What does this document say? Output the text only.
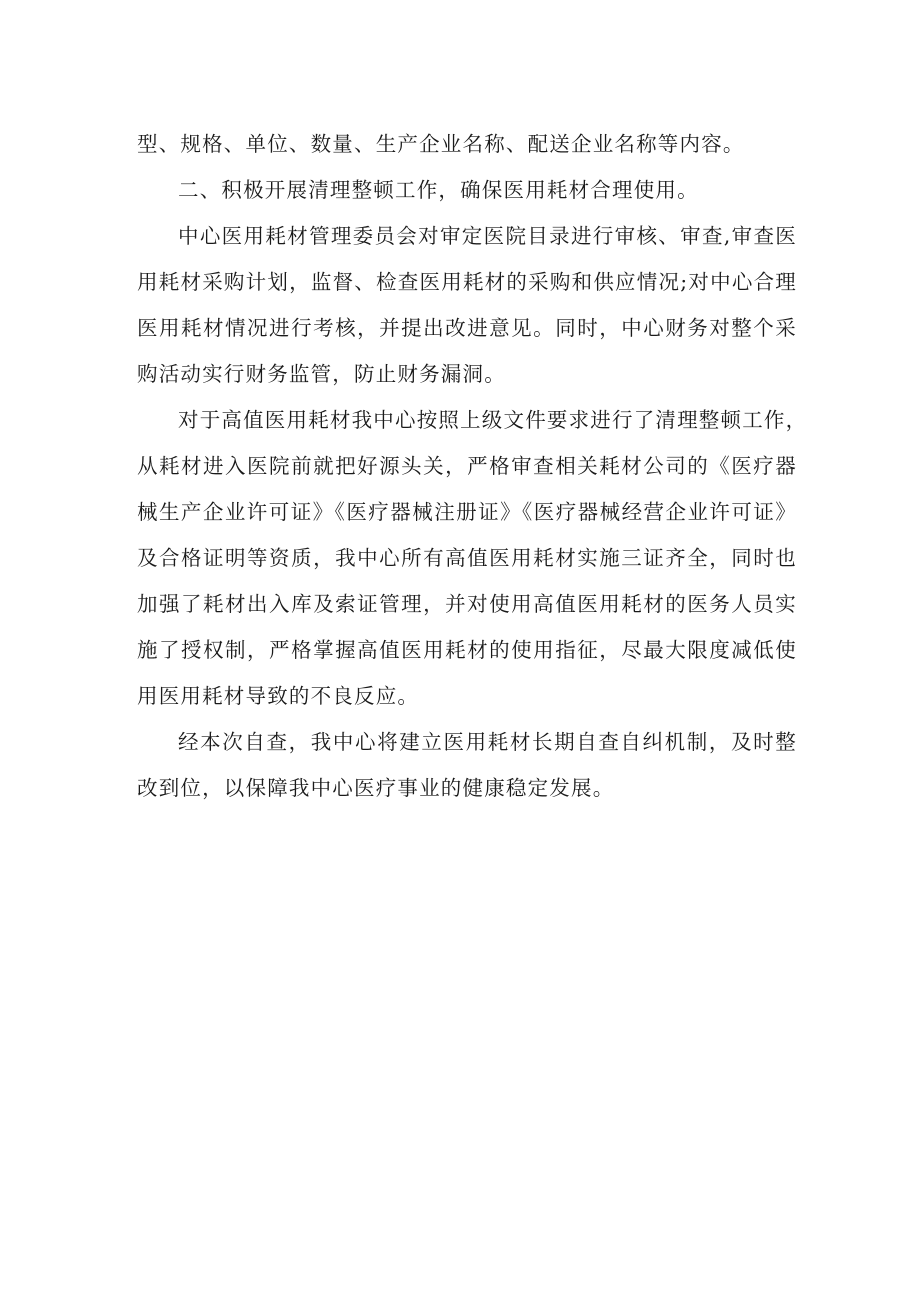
型、规格、单位、数量、生产企业名称、配送企业名称等内容。
二、积极开展清理整顿工作，确保医用耗材合理使用。
中心医用耗材管理委员会对审定医院目录进行审核、审查,审查医
用耗材采购计划，监督、检查医用耗材的采购和供应情况;对中心合理
医用耗材情况进行考核，并提出改进意见。同时，中心财务对整个采
购活动实行财务监管，防止财务漏洞。
对于高值医用耗材我中心按照上级文件要求进行了清理整顿工作，
从耗材进入医院前就把好源头关，严格审查相关耗材公司的《医疗器
械生产企业许可证》《医疗器械注册证》《医疗器械经营企业许可证》
及合格证明等资质，我中心所有高值医用耗材实施三证齐全，同时也
加强了耗材出入库及索证管理，并对使用高值医用耗材的医务人员实
施了授权制，严格掌握高值医用耗材的使用指征，尽最大限度减低使
用医用耗材导致的不良反应。
经本次自查，我中心将建立医用耗材长期自查自纠机制，及时整
改到位，以保障我中心医疗事业的健康稳定发展。
